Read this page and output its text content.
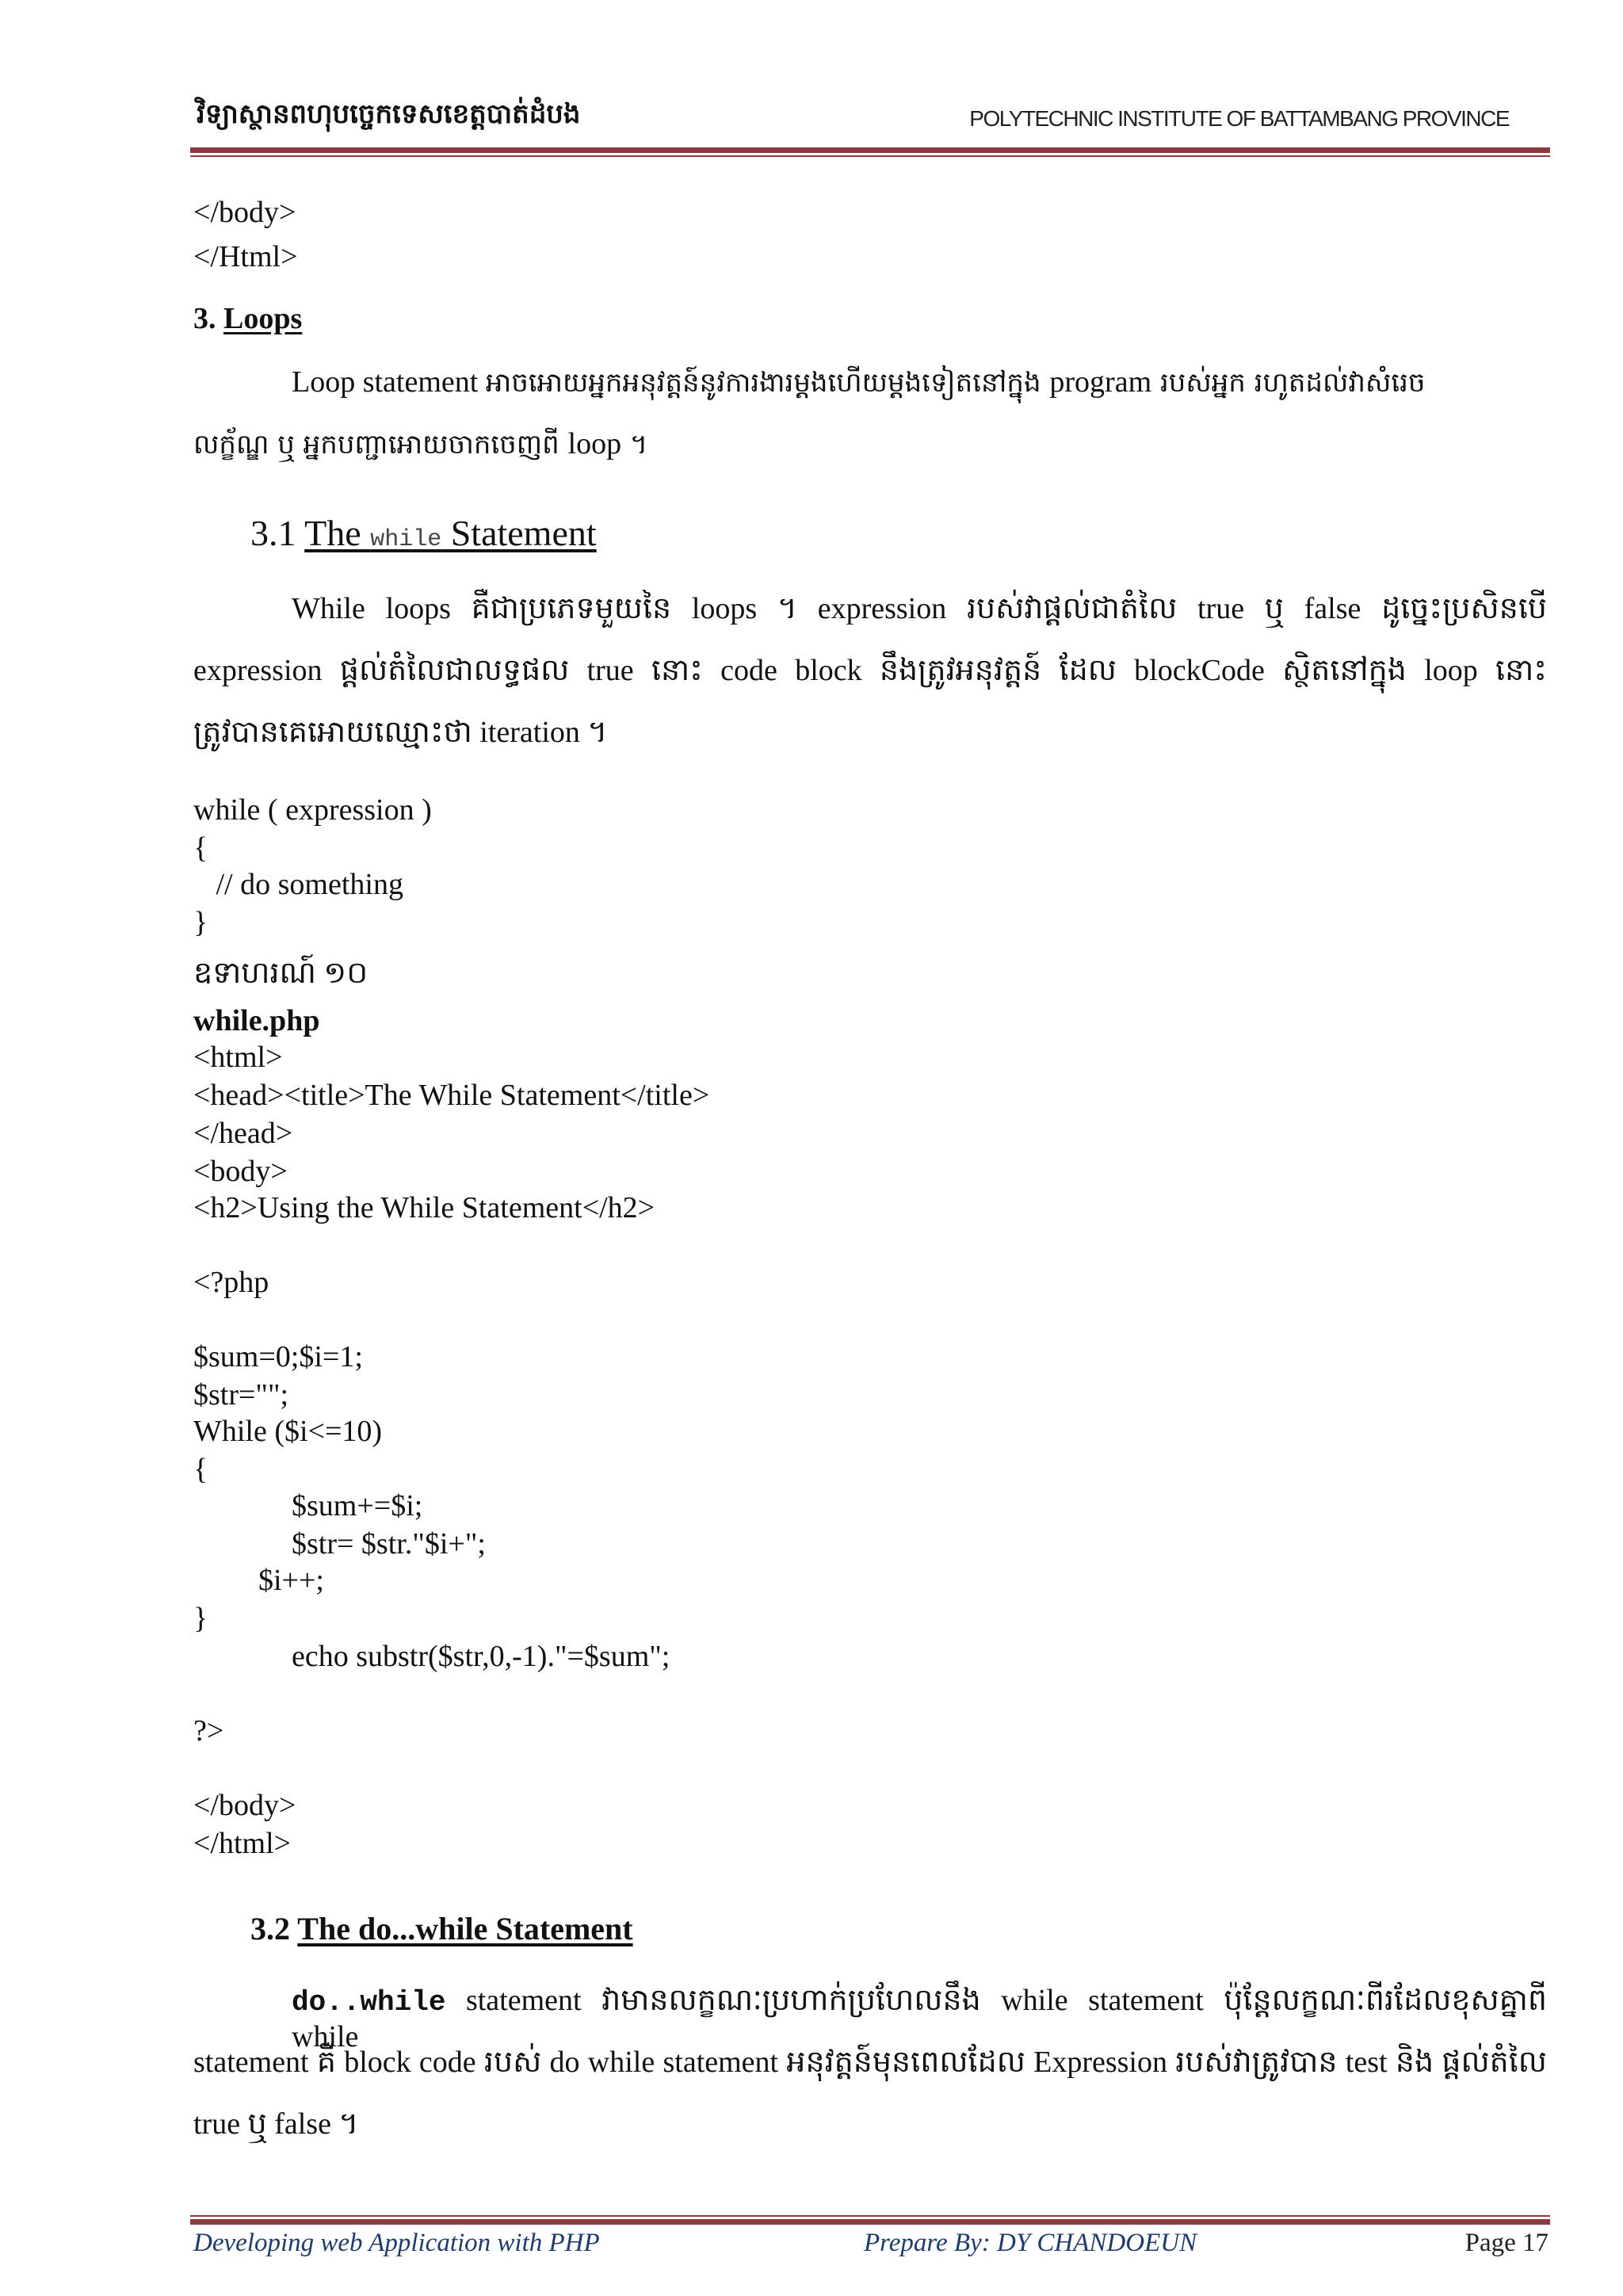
វិទ្យាស្ថានពហុបច្ចេកទេសខេត្តបាត់ដំបង	POLYTECHNIC INSTITUTE OF BATTAMBANG PROVINCE
</body>
</Html>
3. Loops
Loop statement អាចអោយអ្នកអនុវត្តន៍នូវការងារម្តងហើយម្តងទៀតនៅក្នុង program របស់អ្នក រហូតដល់វាសំរេច
លក្ខ័ណ្ឌ ឬ អ្នកបញ្ជាអោយចាកចេញពី loop ។
3.1 The while Statement
While loops គឺជាប្រភេទមួយនៃ loops ។ expression របស់វាផ្តល់ជាតំលៃ true ឬ false ដូច្នេះប្រសិនបើ
expression ផ្តល់តំលៃជាលទ្ធផល true នោះ code block នឹងត្រូវអនុវត្តន៍ ដែល blockCode ស្ថិតនៅក្នុង loop នោះ
ត្រូវបានគេអោយឈ្មោះថា iteration ។
while ( expression )
{
// do something
}
ឧទាហរណ៍ ១០
while.php
<html>
<head><title>The While Statement</title>
</head>
<body>
<h2>Using the While Statement</h2>
<?php
$sum=0;$i=1;
$str="";
While ($i<=10)
{
$sum+=$i;
$str= $str."$i+";
$i++;
}
echo substr($str,0,-1)."=$sum";
?>
</body>
</html>
3.2 The do...while Statement
do..while statement វាមានលក្ខណៈប្រហាក់ប្រហែលនឹង while statement ប៉ុន្តែលក្ខណៈពីរដែលខុសគ្នាពី while
statement គឺ block code របស់ do while statement អនុវត្តន៍មុនពេលដែល Expression របស់វាត្រូវបាន test និង ផ្តល់តំលៃ
true ឬ false ។
Developing web Application with PHP	Prepare By: DY CHANDOEUN	Page 17
